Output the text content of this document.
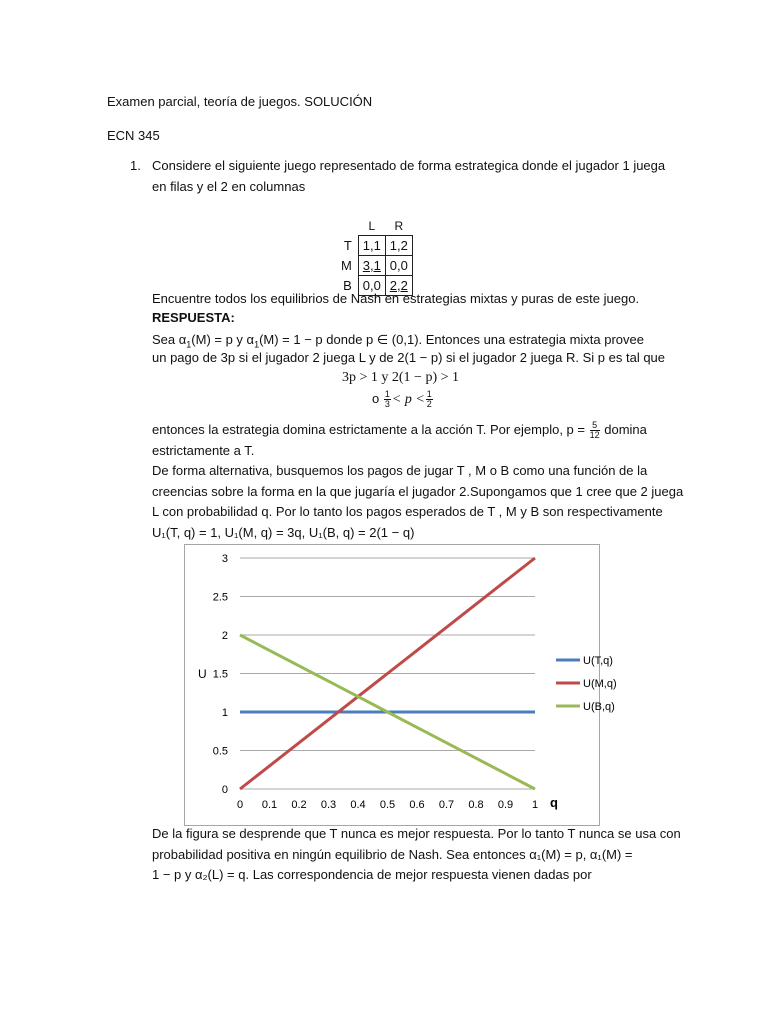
Examen parcial, teoría de juegos. SOLUCIÓN
ECN 345
1. Considere el siguiente juego representado de forma estrategica donde el jugador 1 juega
en filas y el 2 en columnas
	L	R
T	1,1	1,2
M	3,1	0,0
B	0,0	2,2
Encuentre todos los equilibrios de Nash en estrategias mixtas y puras de este juego.
RESPUESTA:
Sea $\alpha_1(M) = p$ y $\alpha_1(M) = 1 - p$ donde p ∈ (0,1). Entonces una estrategia mixta provee
un pago de 3p si el jugador 2 juega L y de 2(1 − p) si el jugador 2 juega R. Si p es tal que
3p > 1 y 2(1 − p) > 1
o $\frac{1}{3} < p < \frac{1}{2}$
entonces la estrategia domina estrictamente a la acción T. Por ejemplo, $p = \frac{5}{12}$ domina
estrictamente a T.
De forma alternativa, busquemos los pagos de jugar T , M o B como una función de la
creencias sobre la forma en la que jugaría el jugador 2.Supongamos que 1 cree que 2 juega
L con probabilidad q. Por lo tanto los pagos esperados de T , M y B son respectivamente
U₁(T, q) = 1, U₁(M, q) = 3q, U₁(B, q) = 2(1 − q)
0
0.5
1
1.5
2
2.5
3
0 0.1 0.2 0.3 0.4 0.5 0.6 0.7 0.8 0.9 1
U(T,q)
U(M,q)
U(B,q)
U
q
De la figura se desprende que T nunca es mejor respuesta. Por lo tanto T nunca se usa con
probabilidad positiva en ningún equilibrio de Nash. Sea entonces α₁(M) = p, α₁(M) =
1 − p y α₂(L) = q. Las correspondencia de mejor respuesta vienen dadas por
